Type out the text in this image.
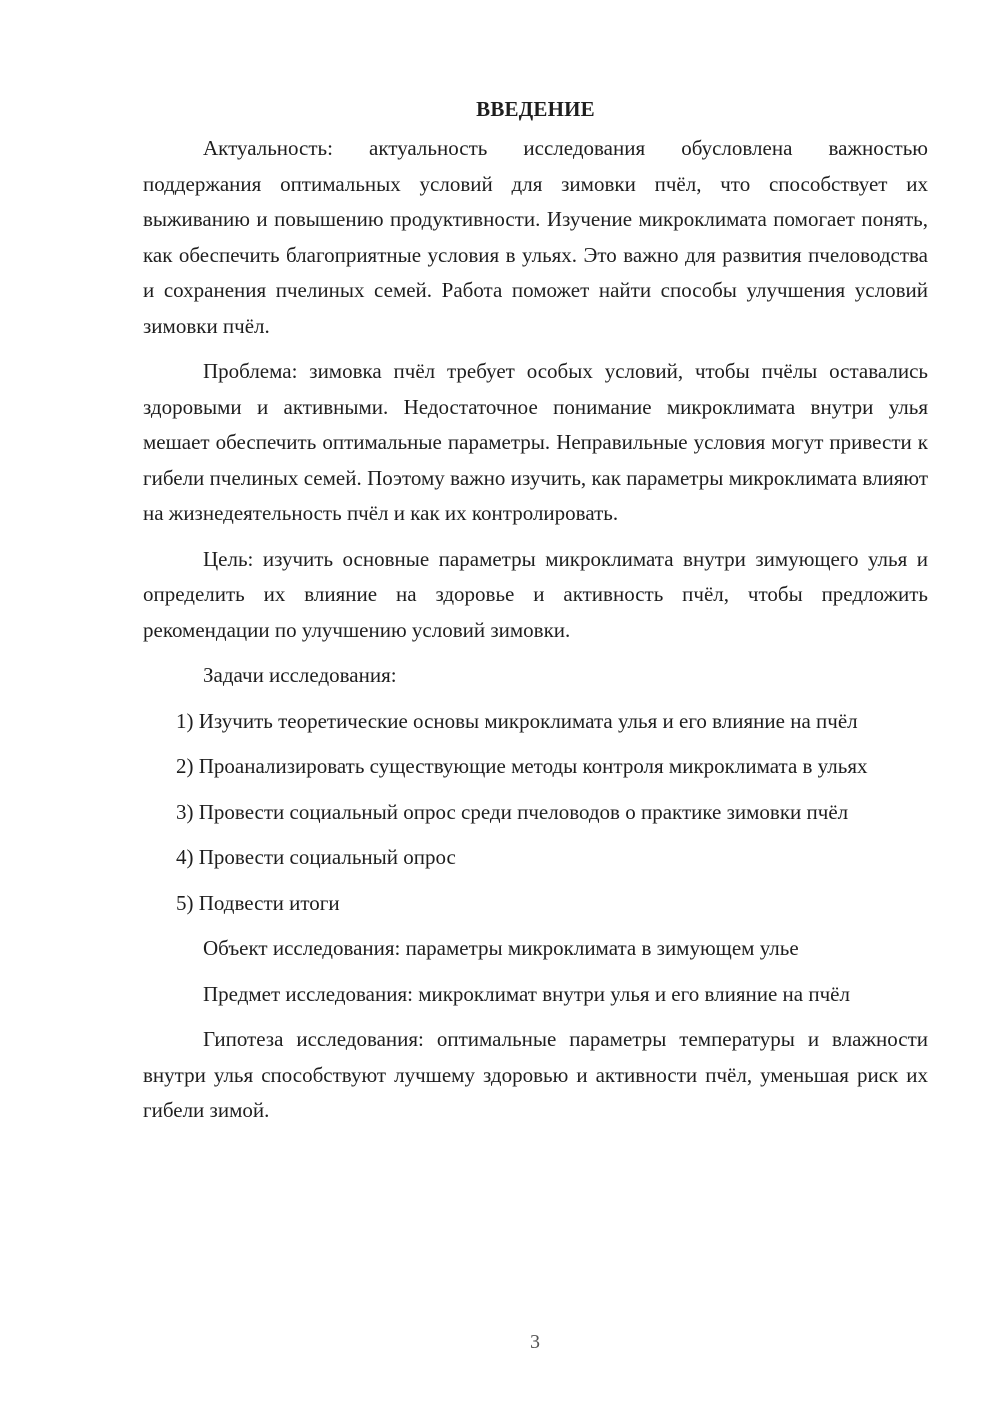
ВВЕДЕНИЕ

Актуальность: актуальность исследования обусловлена важностью поддержания оптимальных условий для зимовки пчёл, что способствует их выживанию и повышению продуктивности. Изучение микроклимата помогает понять, как обеспечить благоприятные условия в ульях. Это важно для развития пчеловодства и сохранения пчелиных семей. Работа поможет найти способы улучшения условий зимовки пчёл.

Проблема: зимовка пчёл требует особых условий, чтобы пчёлы оставались здоровыми и активными. Недостаточное понимание микроклимата внутри улья мешает обеспечить оптимальные параметры. Неправильные условия могут привести к гибели пчелиных семей. Поэтому важно изучить, как параметры микроклимата влияют на жизнедеятельность пчёл и как их контролировать.

Цель: изучить основные параметры микроклимата внутри зимующего улья и определить их влияние на здоровье и активность пчёл, чтобы предложить рекомендации по улучшению условий зимовки.

Задачи исследования:

1) Изучить теоретические основы микроклимата улья и его влияние на пчёл

2) Проанализировать существующие методы контроля микроклимата в ульях

3) Провести социальный опрос среди пчеловодов о практике зимовки пчёл

4) Провести социальный опрос

5) Подвести итоги

Объект исследования: параметры микроклимата в зимующем улье

Предмет исследования: микроклимат внутри улья и его влияние на пчёл

Гипотеза исследования: оптимальные параметры температуры и влажности внутри улья способствуют лучшему здоровью и активности пчёл, уменьшая риск их гибели зимой.

3
